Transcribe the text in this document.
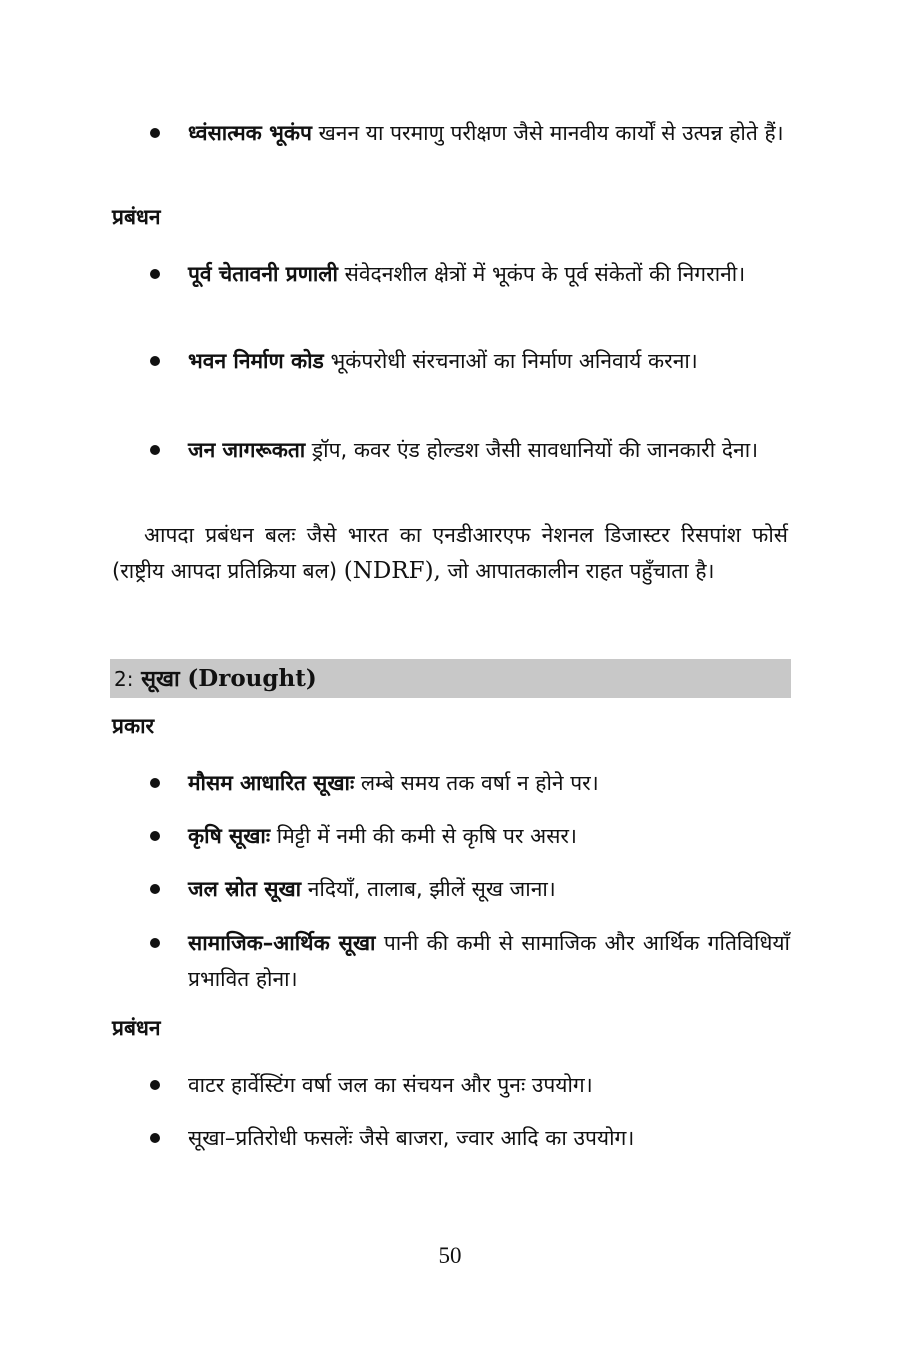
ध्वंसात्मक भूकंप खनन या परमाणु परीक्षण जैसे मानवीय कार्यों से उत्पन्न होते हैं।
प्रबंधन
पूर्व चेतावनी प्रणाली संवेदनशील क्षेत्रों में भूकंप के पूर्व संकेतों की निगरानी।
भवन निर्माण कोड भूकंपरोधी संरचनाओं का निर्माण अनिवार्य करना।
जन जागरूकता ड्रॉप, कवर एंड होल्डश जैसी सावधानियों की जानकारी देना।
आपदा प्रबंधन बलः जैसे भारत का एनडीआरएफ नेशनल डिजास्टर रिसपांश फोर्स (राष्ट्रीय आपदा प्रतिक्रिया बल) (NDRF), जो आपातकालीन राहत पहुँचाता है।
2: सूखा (Drought)
प्रकार
मौसम आधारित सूखाः लम्बे समय तक वर्षा न होने पर।
कृषि सूखाः मिट्टी में नमी की कमी से कृषि पर असर।
जल स्रोत सूखा नदियाँ, तालाब, झीलें सूख जाना।
सामाजिक–आर्थिक सूखा पानी की कमी से सामाजिक और आर्थिक गतिविधियाँ प्रभावित होना।
प्रबंधन
वाटर हार्वेस्टिंग वर्षा जल का संचयन और पुनः उपयोग।
सूखा–प्रतिरोधी फसलेंः जैसे बाजरा, ज्वार आदि का उपयोग।
50
